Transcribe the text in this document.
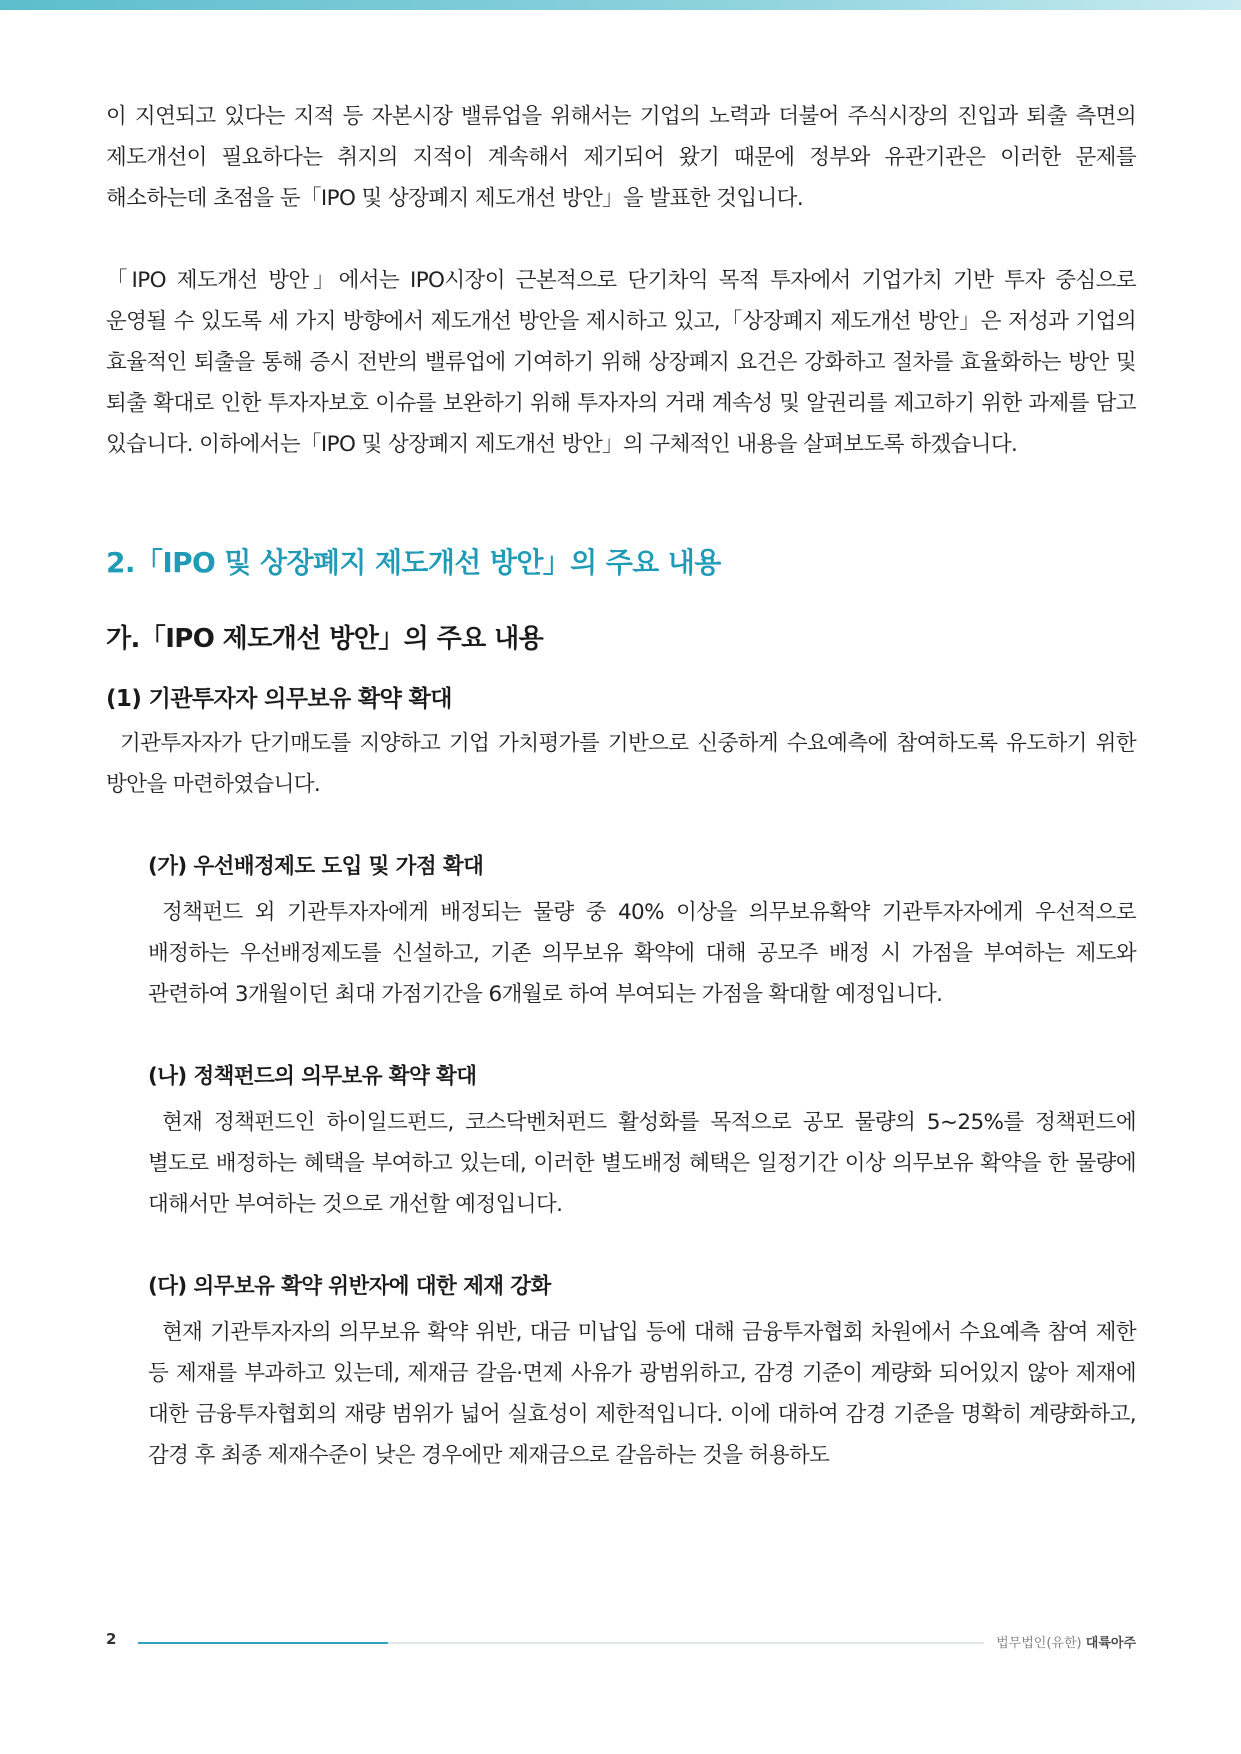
이 지연되고 있다는 지적 등 자본시장 밸류업을 위해서는 기업의 노력과 더불어 주식시장의 진입과 퇴출 측면의 제도개선이 필요하다는 취지의 지적이 계속해서 제기되어 왔기 때문에 정부와 유관기관은 이러한 문제를 해소하는데 초점을 둔「IPO 및 상장폐지 제도개선 방안」을 발표한 것입니다.

「IPO 제도개선 방안」에서는 IPO시장이 근본적으로 단기차익 목적 투자에서 기업가치 기반 투자 중심으로 운영될 수 있도록 세 가지 방향에서 제도개선 방안을 제시하고 있고,「상장폐지 제도개선 방안」은 저성과 기업의 효율적인 퇴출을 통해 증시 전반의 밸류업에 기여하기 위해 상장폐지 요건은 강화하고 절차를 효율화하는 방안 및 퇴출 확대로 인한 투자자보호 이슈를 보완하기 위해 투자자의 거래 계속성 및 알권리를 제고하기 위한 과제를 담고 있습니다. 이하에서는「IPO 및 상장폐지 제도개선 방안」의 구체적인 내용을 살펴보도록 하겠습니다.

2.「IPO 및 상장폐지 제도개선 방안」의 주요 내용
가.「IPO 제도개선 방안」의 주요 내용
(1) 기관투자자 의무보유 확약 확대

기관투자자가 단기매도를 지양하고 기업 가치평가를 기반으로 신중하게 수요예측에 참여하도록 유도하기 위한 방안을 마련하였습니다.

(가) 우선배정제도 도입 및 가점 확대

정책펀드 외 기관투자자에게 배정되는 물량 중 40% 이상을 의무보유확약 기관투자자에게 우선적으로 배정하는 우선배정제도를 신설하고, 기존 의무보유 확약에 대해 공모주 배정 시 가점을 부여하는 제도와 관련하여 3개월이던 최대 가점기간을 6개월로 하여 부여되는 가점을 확대할 예정입니다.

(나) 정책펀드의 의무보유 확약 확대

현재 정책펀드인 하이일드펀드, 코스닥벤처펀드 활성화를 목적으로 공모 물량의 5~25%를 정책펀드에 별도로 배정하는 혜택을 부여하고 있는데, 이러한 별도배정 혜택은 일정기간 이상 의무보유 확약을 한 물량에 대해서만 부여하는 것으로 개선할 예정입니다.

(다) 의무보유 확약 위반자에 대한 제재 강화

현재 기관투자자의 의무보유 확약 위반, 대금 미납입 등에 대해 금융투자협회 차원에서 수요예측 참여 제한 등 제재를 부과하고 있는데, 제재금 갈음·면제 사유가 광범위하고, 감경 기준이 계량화 되어있지 않아 제재에 대한 금융투자협회의 재량 범위가 넓어 실효성이 제한적입니다. 이에 대하여 감경 기준을 명확히 계량화하고, 감경 후 최종 제재수준이 낮은 경우에만 제재금으로 갈음하는 것을 허용하도

2	법무법인(유한) 대륙아주
